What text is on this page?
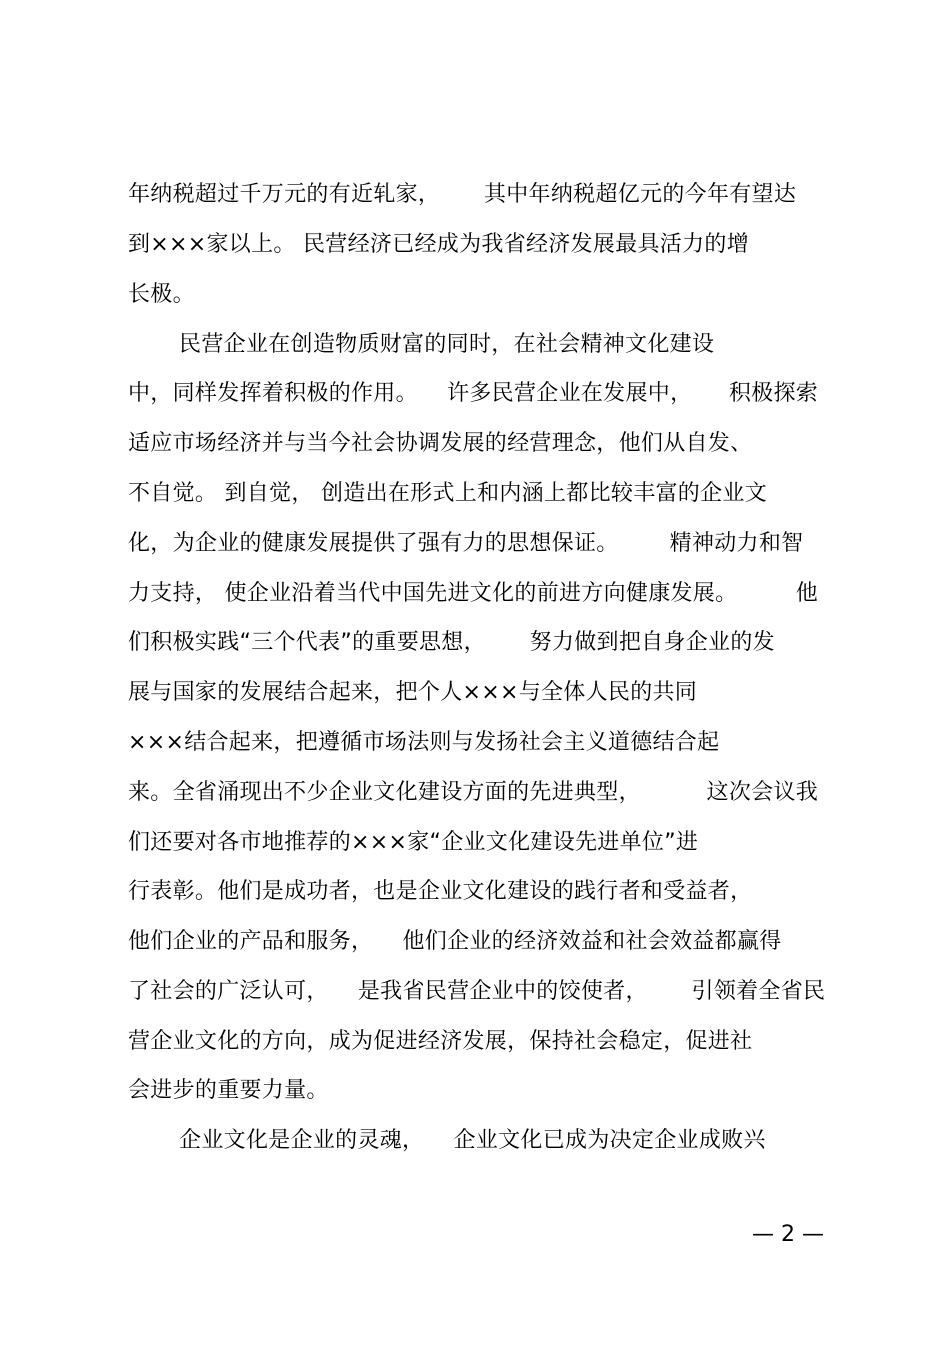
年纳税超过千万元的有近轧家，      其中年纳税超亿元的今年有望达
到×××家以上。 民营经济已经成为我省经济发展最具活力的增
长极。
民营企业在创造物质财富的同时，在社会精神文化建设
中，同样发挥着积极的作用。    许多民营企业在发展中，     积极探索
适应市场经济并与当今社会协调发展的经营理念，他们从自发、
不自觉。 到自觉， 创造出在形式上和内涵上都比较丰富的企业文
化，为企业的健康发展提供了强有力的思想保证。       精神动力和智
力支持， 使企业沿着当代中国先进文化的前进方向健康发展。        他
们积极实践“三个代表”的重要思想，      努力做到把自身企业的发
展与国家的发展结合起来，把个人×××与全体人民的共同
×××结合起来，把遵循市场法则与发扬社会主义道德结合起
来。全省涌现出不少企业文化建设方面的先进典型，         这次会议我
们还要对各市地推荐的×××家“企业文化建设先进单位”进
行表彰。他们是成功者，也是企业文化建设的践行者和受益者，
他们企业的产品和服务，    他们企业的经济效益和社会效益都赢得
了社会的广泛认可，    是我省民营企业中的饺使者，      引领着全省民
营企业文化的方向，成为促进经济发展，保持社会稳定，促进社
会进步的重要力量。
企业文化是企业的灵魂，    企业文化已成为决定企业成败兴
— 2 —
